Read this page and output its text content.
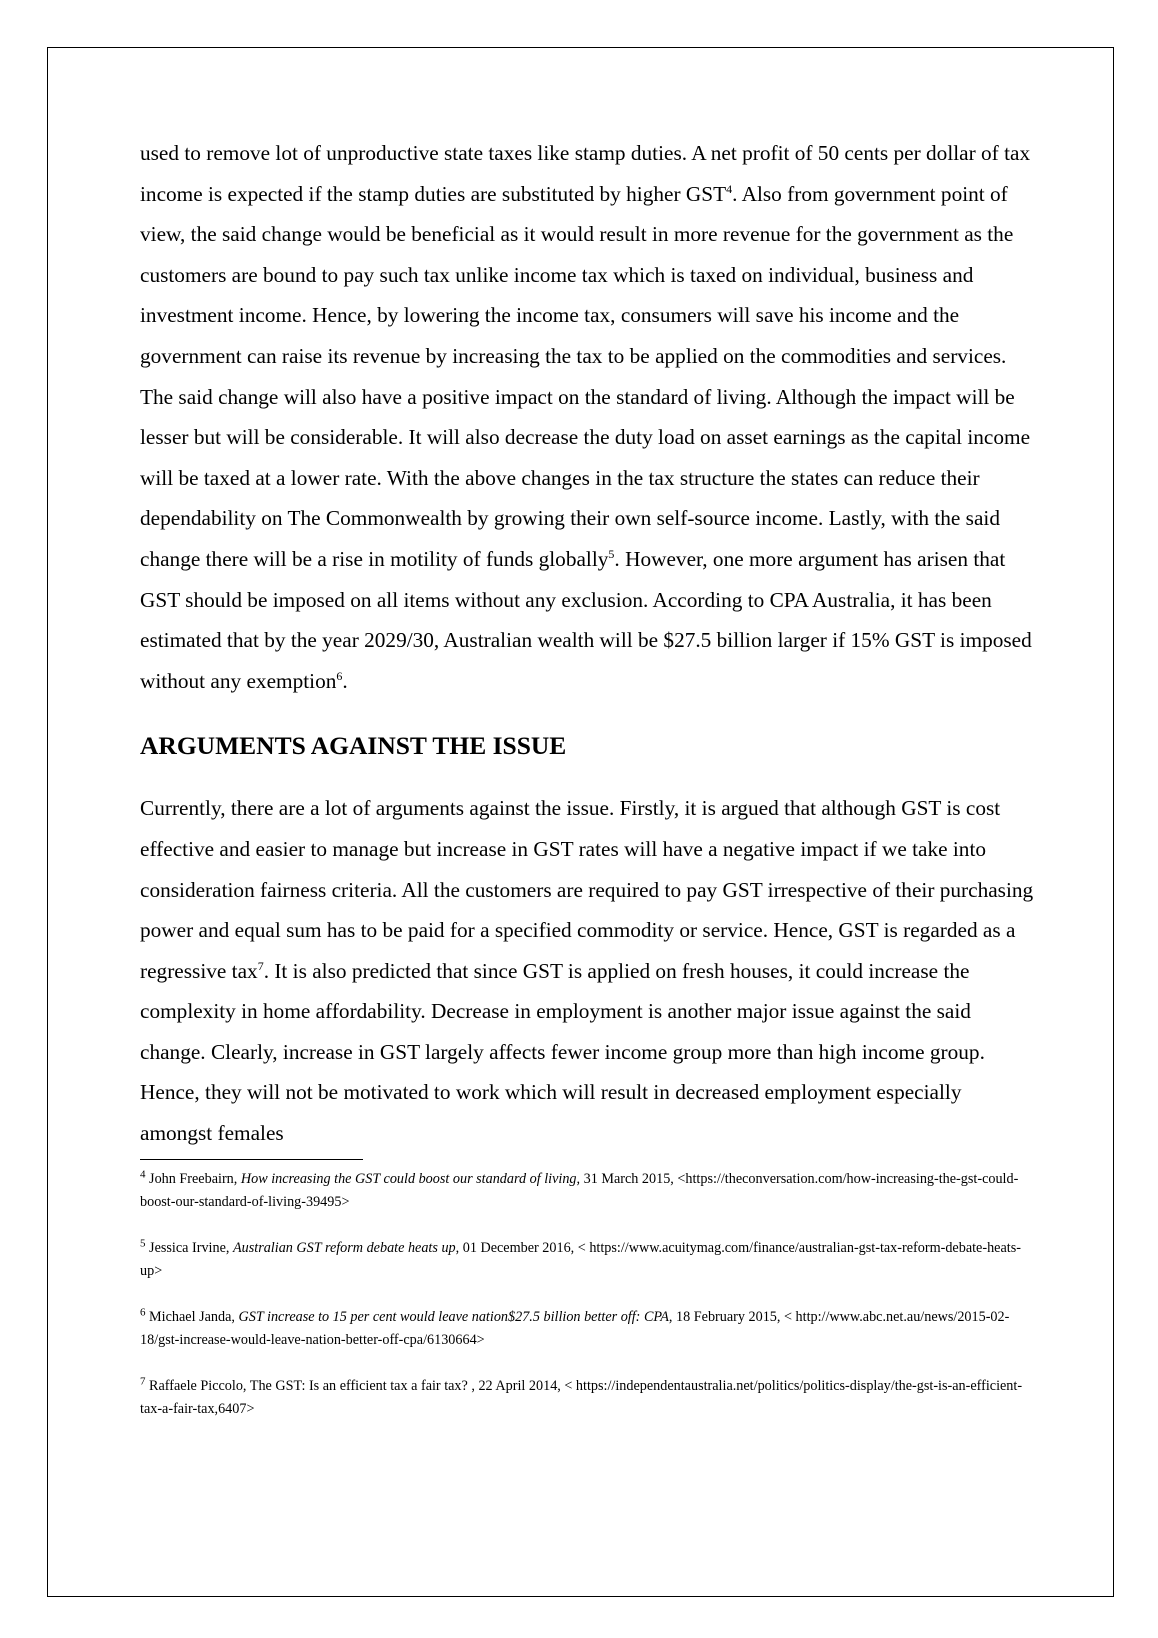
used to remove lot of unproductive state taxes like stamp duties. A net profit of 50 cents per dollar of tax income is expected if the stamp duties are substituted by higher GST$^4$. Also from government point of view, the said change would be beneficial as it would result in more revenue for the government as the customers are bound to pay such tax unlike income tax which is taxed on individual, business and investment income. Hence, by lowering the income tax, consumers will save his income and the government can raise its revenue by increasing the tax to be applied on the commodities and services. The said change will also have a positive impact on the standard of living. Although the impact will be lesser but will be considerable. It will also decrease the duty load on asset earnings as the capital income will be taxed at a lower rate. With the above changes in the tax structure the states can reduce their dependability on The Commonwealth by growing their own self-source income. Lastly, with the said change there will be a rise in motility of funds globally$^5$. However, one more argument has arisen that GST should be imposed on all items without any exclusion. According to CPA Australia, it has been estimated that by the year 2029/30, Australian wealth will be $27.5 billion larger if 15% GST is imposed without any exemption$^6$.

ARGUMENTS AGAINST THE ISSUE

Currently, there are a lot of arguments against the issue. Firstly, it is argued that although GST is cost effective and easier to manage but increase in GST rates will have a negative impact if we take into consideration fairness criteria. All the customers are required to pay GST irrespective of their purchasing power and equal sum has to be paid for a specified commodity or service. Hence, GST is regarded as a regressive tax$^7$. It is also predicted that since GST is applied on fresh houses, it could increase the complexity in home affordability. Decrease in employment is another major issue against the said change. Clearly, increase in GST largely affects fewer income group more than high income group. Hence, they will not be motivated to work which will result in decreased employment especially amongst females

$^4$ John Freebairn, How increasing the GST could boost our standard of living, 31 March 2015, <https://theconversation.com/how-increasing-the-gst-could-boost-our-standard-of-living-39495>

$^5$ Jessica Irvine, Australian GST reform debate heats up, 01 December 2016, < https://www.acuitymag.com/finance/australian-gst-tax-reform-debate-heats-up>

$^6$ Michael Janda, GST increase to 15 per cent would leave nation$27.5 billion better off: CPA, 18 February 2015, < http://www.abc.net.au/news/2015-02-18/gst-increase-would-leave-nation-better-off-cpa/6130664>

$^7$ Raffaele Piccolo, The GST: Is an efficient tax a fair tax? , 22 April 2014, < https://independentaustralia.net/politics/politics-display/the-gst-is-an-efficient-tax-a-fair-tax,6407>
